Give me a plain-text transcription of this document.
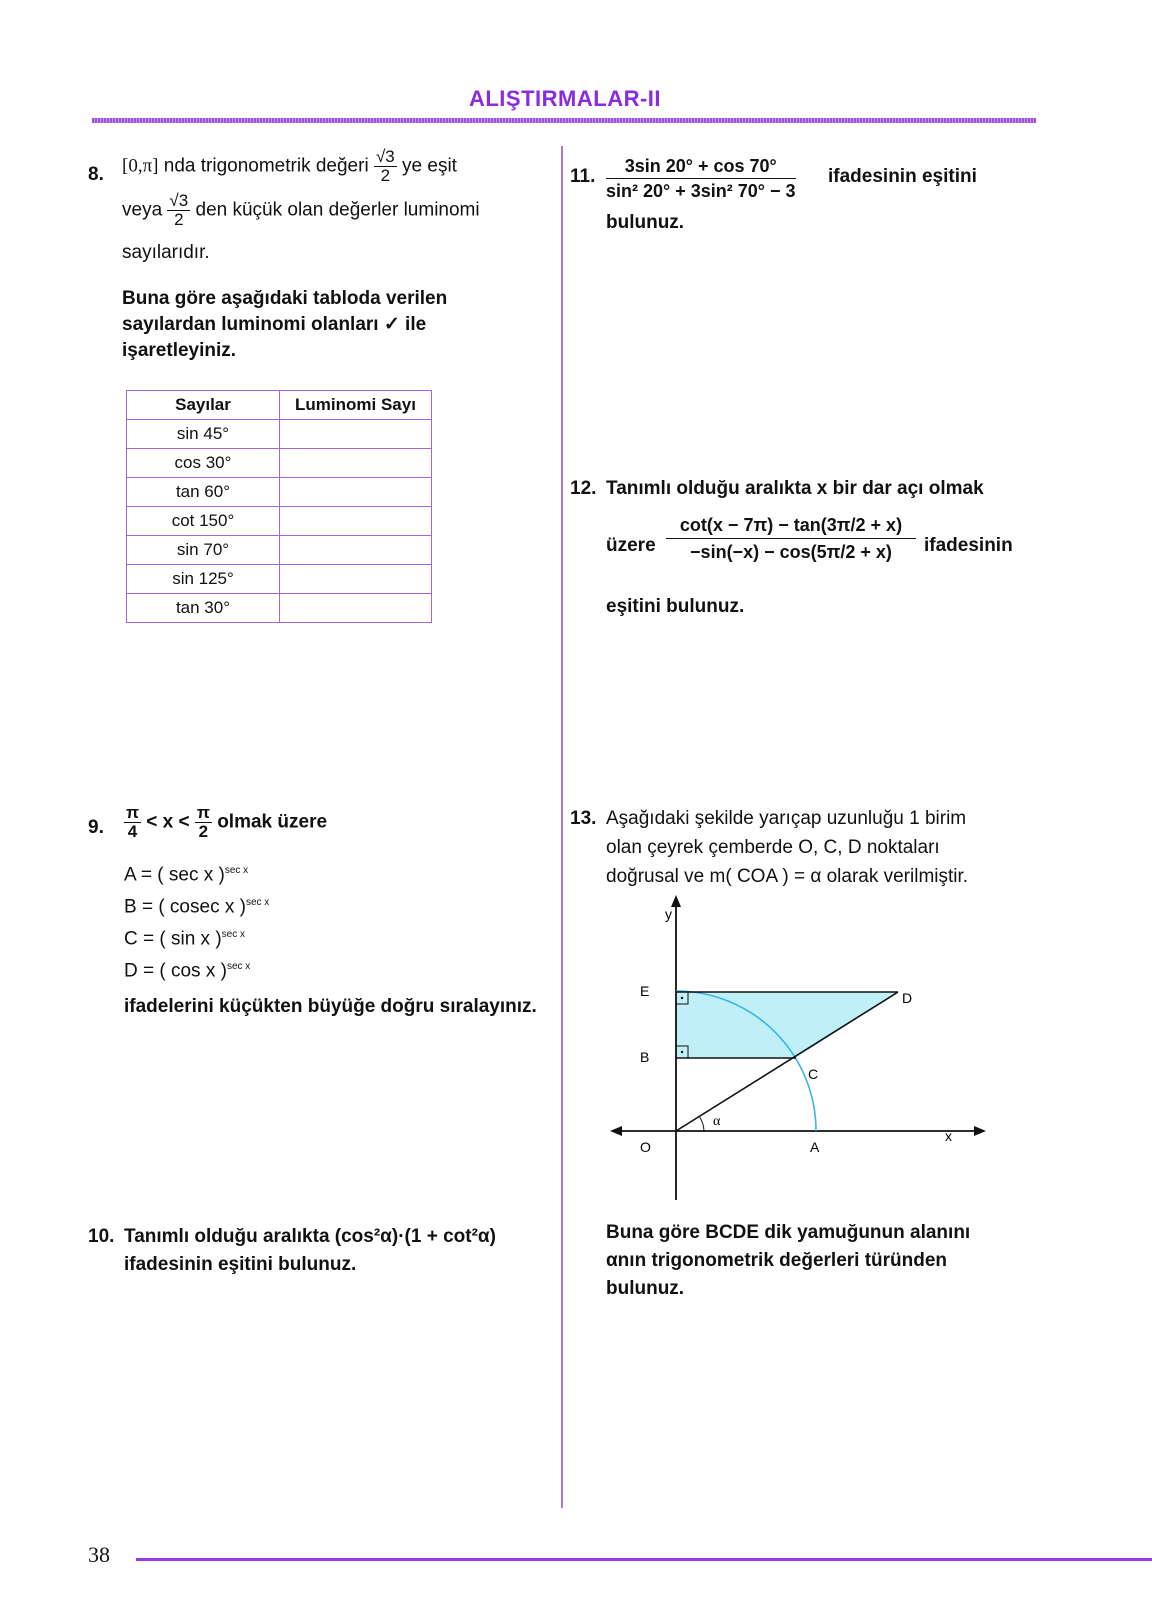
ALIŞTIRMALAR-II
8. [0,π] nda trigonometrik değeri $\frac{√3}{2}$ ye eşit
veya $\frac{√3}{2}$ den küçük olan değerler luminomi
sayılarıdır.
Buna göre aşağıdaki tabloda verilen
sayılardan luminomi olanları ✓ ile
işaretleyiniz.
Sayılar	Luminomi Sayı
sin 45°	
cos 30°	
tan 60°	
cot 150°	
sin 70°	
sin 125°	
tan 30°	
9. $\frac{\pi}{4} < x < \frac{\pi}{2}$ olmak üzere
A = ( sec x )$^{sec x}$
B = ( cosec x )$^{sec x}$
C = ( sin x )$^{sec x}$
D = ( cos x )$^{sec x}$
ifadelerini küçükten büyüğe doğru sıralayınız.
10. Tanımlı olduğu aralıkta (cos²α)·(1 + cot²α)
ifadesinin eşitini bulunuz.
11. $\frac{3\sin 20^\circ + \cos 70^\circ}{\text{sin² 20° + 3sin² 70° − 3}}$ ifadesinin eşitini
bulunuz.
12. Tanımlı olduğu aralıkta x bir dar açı olmak
üzere $\frac{\cot(x - 7\pi) - \tan(3\pi/2 + x)}{-\sin(-x) - \cos(5\pi/2 + x)}$ ifadesinin
eşitini bulunuz.
13. Aşağıdaki şekilde yarıçap uzunluğu 1 birim
olan çeyrek çemberde O, C, D noktaları
doğrusal ve m( COA ) = α olarak verilmiştir.
y
x
E	D
B
C
O	A
α
Buna göre BCDE dik yamuğunun alanını
αnın trigonometrik değerleri türünden
bulunuz.
38
